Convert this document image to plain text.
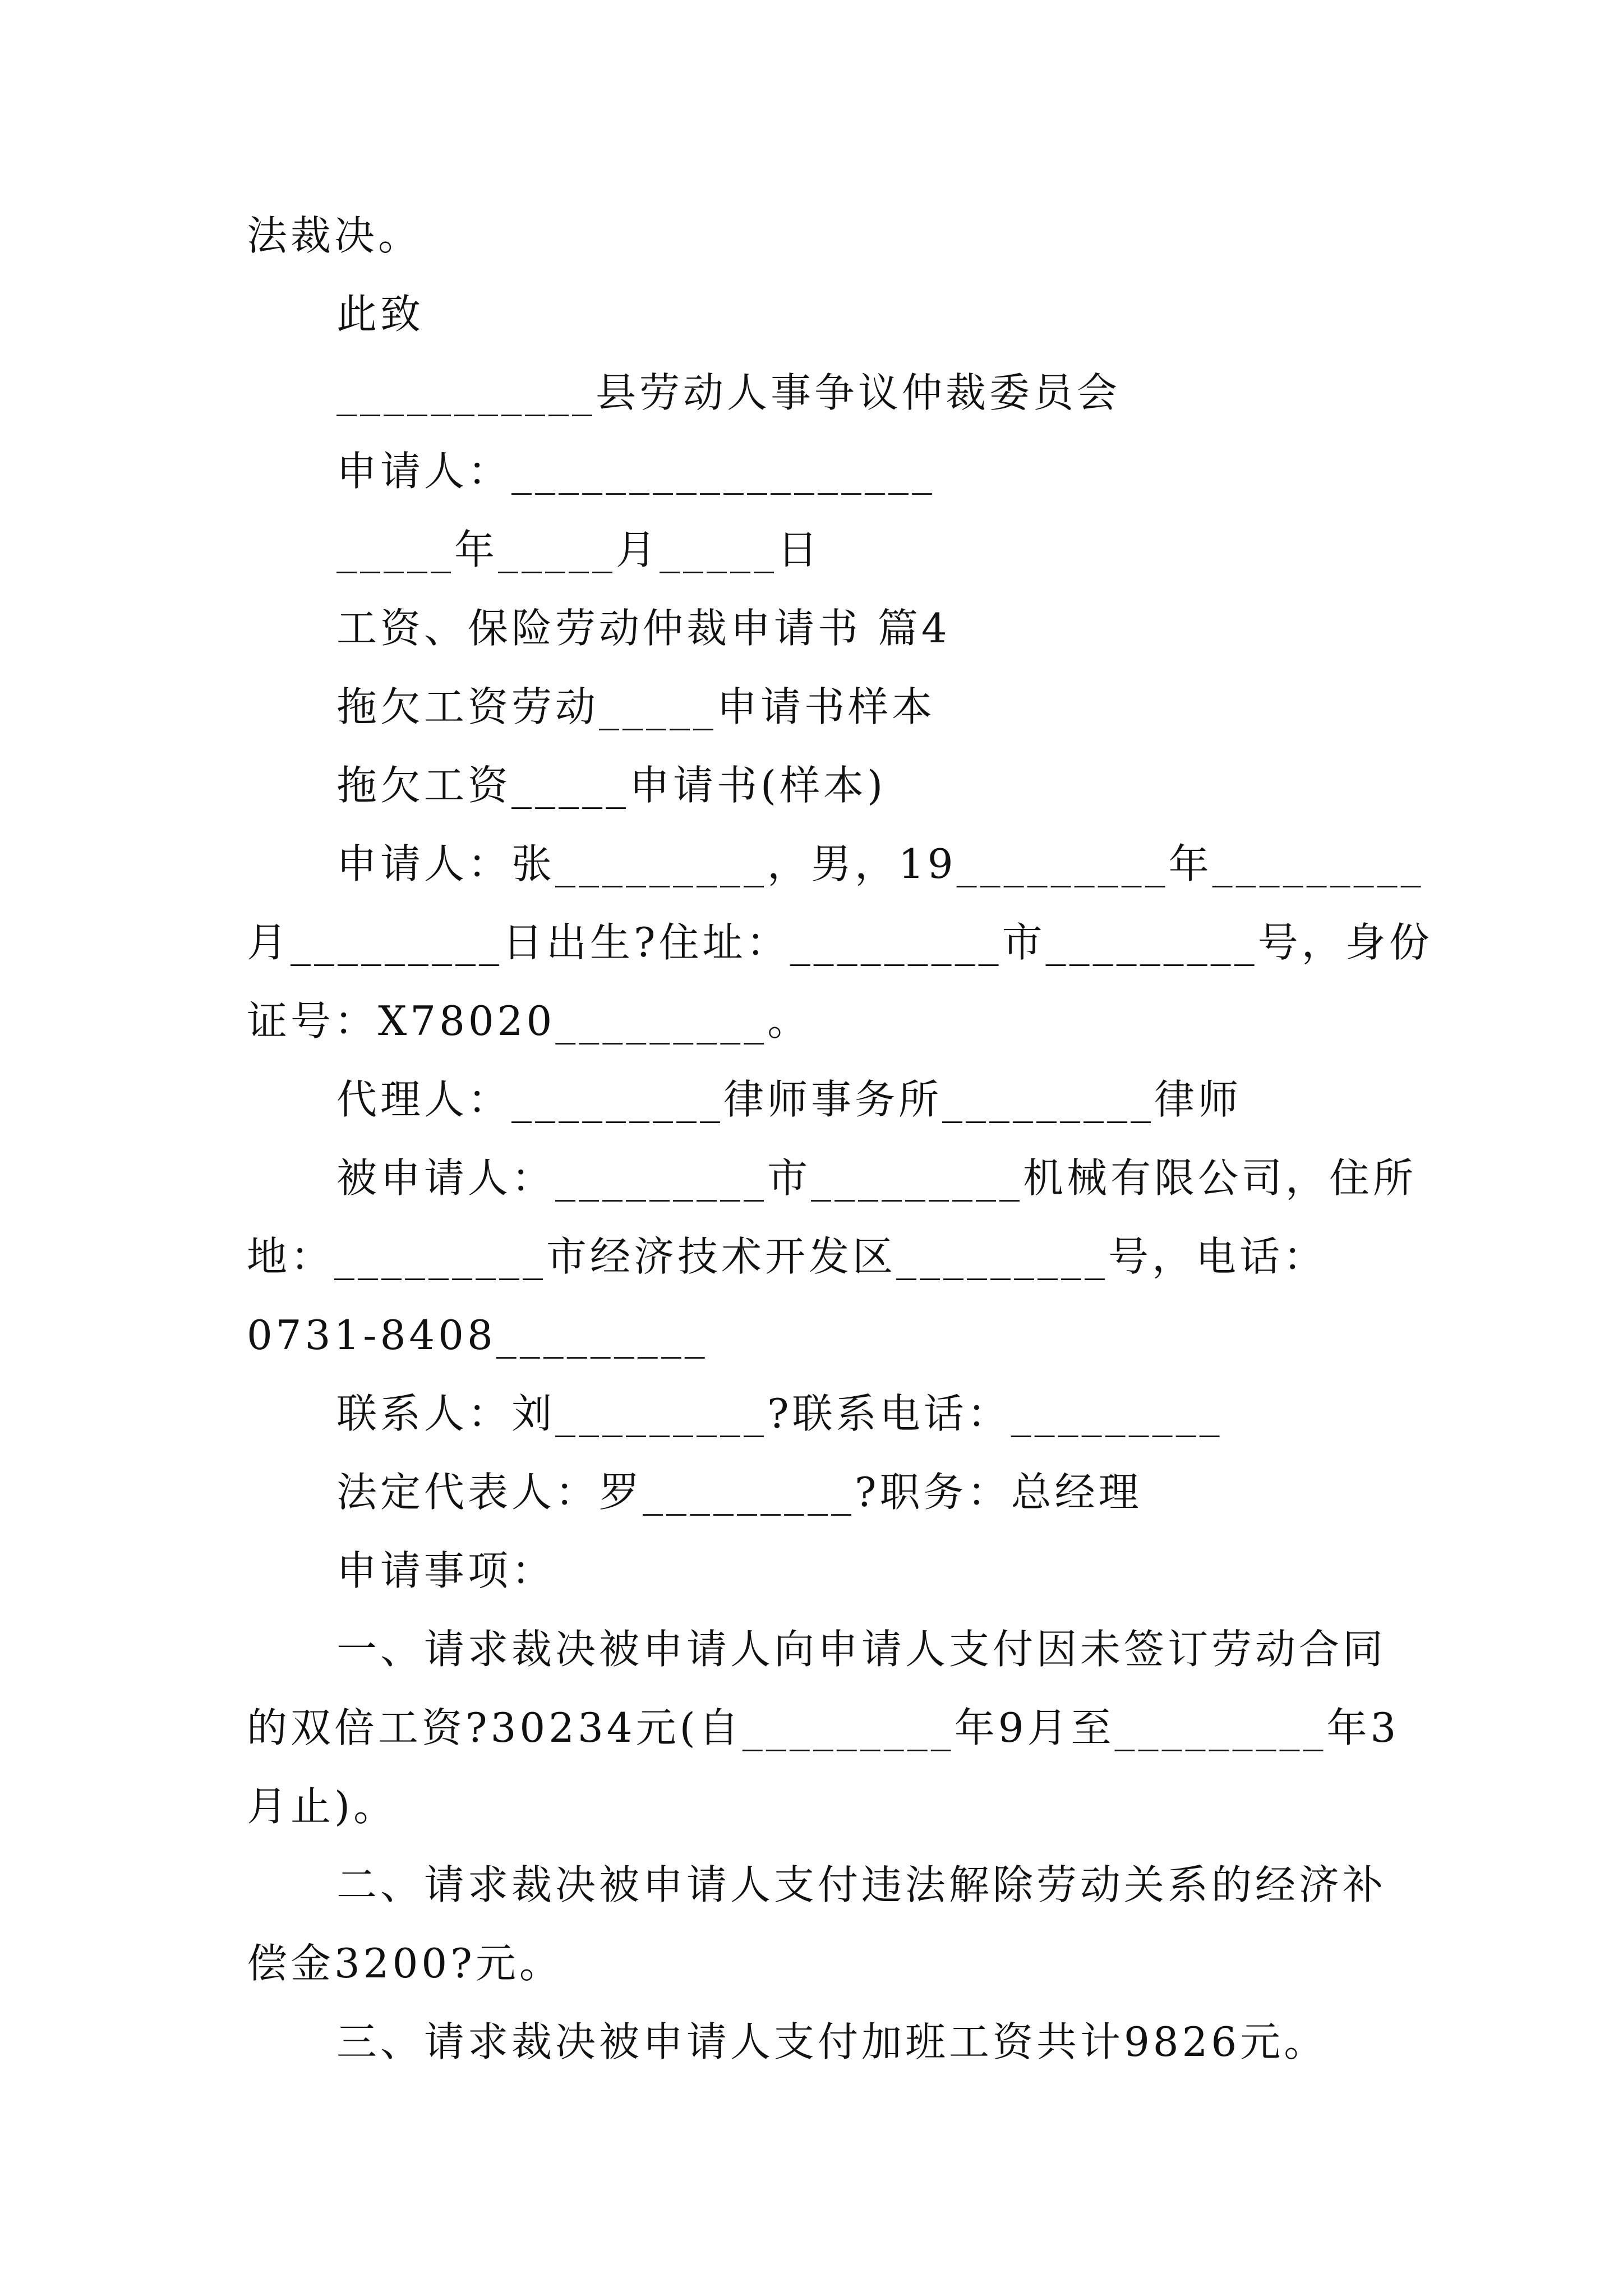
法裁决。
此致
___________县劳动人事争议仲裁委员会
申请人：__________________
_____年_____月_____日
工资、保险劳动仲裁申请书 篇4
拖欠工资劳动_____申请书样本
拖欠工资_____申请书(样本)
申请人：张_________，男，19_________年_________
月_________日出生?住址：_________市_________号，身份
证号：X78020_________。
代理人：_________律师事务所_________律师
被申请人：_________市_________机械有限公司，住所
地：_________市经济技术开发区_________号，电话：
0731-8408_________
联系人：刘_________?联系电话：_________
法定代表人：罗_________?职务：总经理
申请事项：
一、请求裁决被申请人向申请人支付因未签订劳动合同
的双倍工资?30234元(自_________年9月至_________年3
月止)。
二、请求裁决被申请人支付违法解除劳动关系的经济补
偿金3200?元。
三、请求裁决被申请人支付加班工资共计9826元。
